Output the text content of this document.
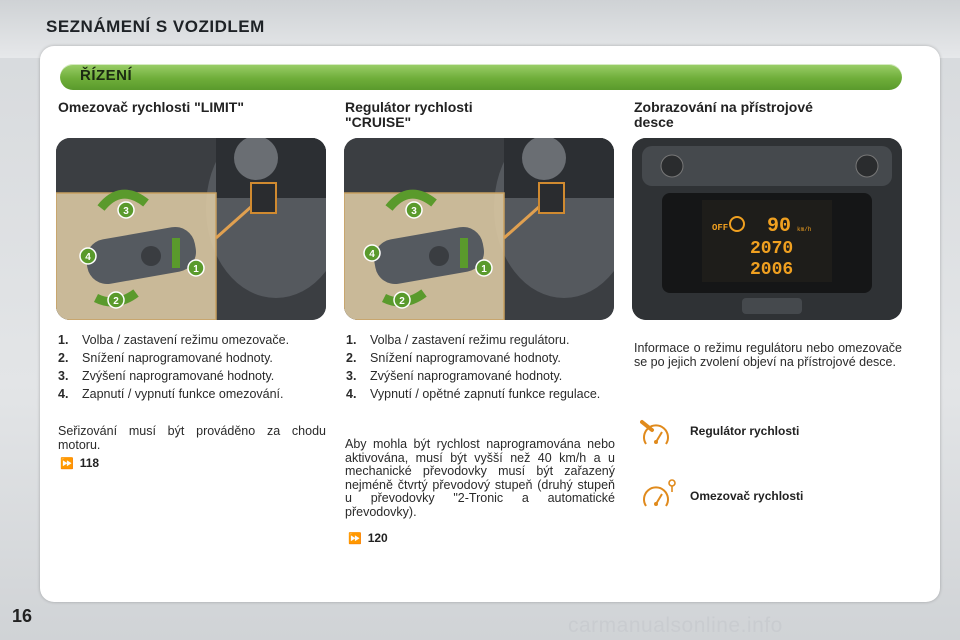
SEZNÁMENÍ S VOZIDLEM
ŘÍZENÍ
Omezovač rychlosti "LIMIT"
3
4
1
2
1. Volba / zastavení režimu omezovače.
2. Snížení naprogramované hodnoty.
3. Zvýšení naprogramované hodnoty.
4. Zapnutí / vypnutí funkce omezování.
Seřizování musí být prováděno za chodu motoru.
⏩ 118
Regulátor rychlosti
"CRUISE"
3
4
1
2
1. Volba / zastavení režimu regulátoru.
2. Snížení naprogramované hodnoty.
3. Zvýšení naprogramované hodnoty.
4. Vypnutí / opětné zapnutí funkce regulace.
Aby mohla být rychlost naprogramována nebo aktivována, musí být vyšší než 40 km/h a u mechanické převodovky musí být zařazený nejméně čtvrtý převodový stupeň (druhý stupeň u převodovky "2-Tronic a automatické převodovky).
⏩ 120
Zobrazování na přístrojové
desce
OFF 90 km/h
2070
2006
Informace o režimu regulátoru nebo omezovače se po jejich zvolení objeví na přístrojové desce.
Regulátor rychlosti
Omezovač rychlosti
16	carmanualsonline.info
